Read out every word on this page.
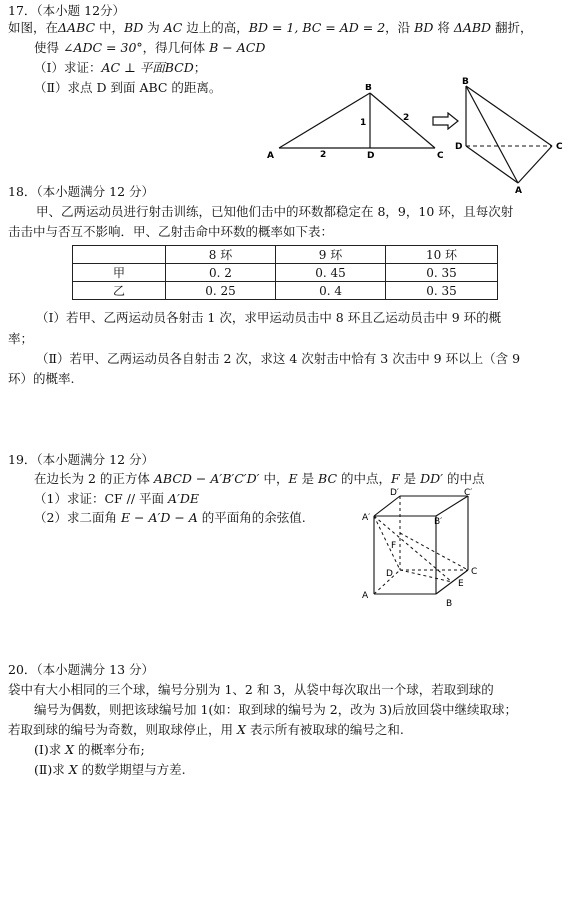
17．（本小题 12分）
如图，在ΔABC 中，BD 为 AC 边上的高，BD = 1, BC = AD = 2，沿 BD 将 ΔABD 翻折，
使得 ∠ADC = 30°，得几何体 B − ACD
（Ⅰ）求证：AC ⊥ 平面BCD；
（Ⅱ）求点 D 到面 ABC 的距离。	B
A	D	C
2
1	2
B
D	C
A
18．（本小题满分 12 分）
甲、乙两运动员进行射击训练，已知他们击中的环数都稳定在 8，9，10 环，且每次射
击击中与否互不影响．甲、乙射击命中环数的概率如下表：
	8 环	9 环	10 环
甲	0. 2	0. 45	0. 35
乙	0. 25	0. 4	0. 35
（Ⅰ）若甲、乙两运动员各射击 1 次，求甲运动员击中 8 环且乙运动员击中 9 环的概
率；
（Ⅱ）若甲、乙两运动员各自射击 2 次，求这 4 次射击中恰有 3 次击中 9 环以上（含 9
环）的概率.
19．（本小题满分 12 分）
在边长为 2 的正方体 ABCD − A′B′C′D′ 中，E 是 BC 的中点，F 是 DD′ 的中点
（1）求证：CF // 平面 A′DE
（2）求二面角 E − A′D − A 的平面角的余弦值.
D′	C′
A′	B′
F
D	C
E
A
B
20．（本小题满分 13 分）
袋中有大小相同的三个球，编号分别为 1、2 和 3，从袋中每次取出一个球，若取到球的
编号为偶数，则把该球编号加 1(如：取到球的编号为 2，改为 3)后放回袋中继续取球；
若取到球的编号为奇数，则取球停止，用 X 表示所有被取球的编号之和.
(Ⅰ)求 X 的概率分布;
(Ⅱ)求 X 的数学期望与方差.
